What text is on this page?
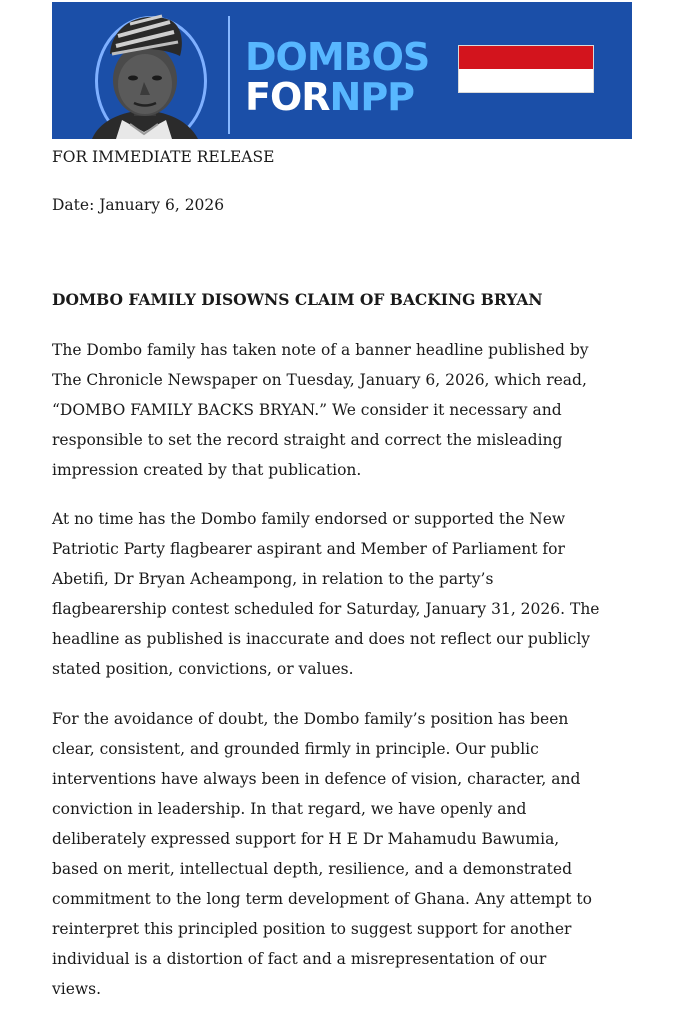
DOMBOS
FORNPP
FOR IMMEDIATE RELEASE
Date: January 6, 2026
DOMBO FAMILY DISOWNS CLAIM OF BACKING BRYAN
The Dombo family has taken note of a banner headline published by
The Chronicle Newspaper on Tuesday, January 6, 2026, which read,
“DOMBO FAMILY BACKS BRYAN.” We consider it necessary and
responsible to set the record straight and correct the misleading
impression created by that publication.
At no time has the Dombo family endorsed or supported the New
Patriotic Party flagbearer aspirant and Member of Parliament for
Abetifi, Dr Bryan Acheampong, in relation to the party’s
flagbearership contest scheduled for Saturday, January 31, 2026. The
headline as published is inaccurate and does not reflect our publicly
stated position, convictions, or values.
For the avoidance of doubt, the Dombo family’s position has been
clear, consistent, and grounded firmly in principle. Our public
interventions have always been in defence of vision, character, and
conviction in leadership. In that regard, we have openly and
deliberately expressed support for H E Dr Mahamudu Bawumia,
based on merit, intellectual depth, resilience, and a demonstrated
commitment to the long term development of Ghana. Any attempt to
reinterpret this principled position to suggest support for another
individual is a distortion of fact and a misrepresentation of our
views.
